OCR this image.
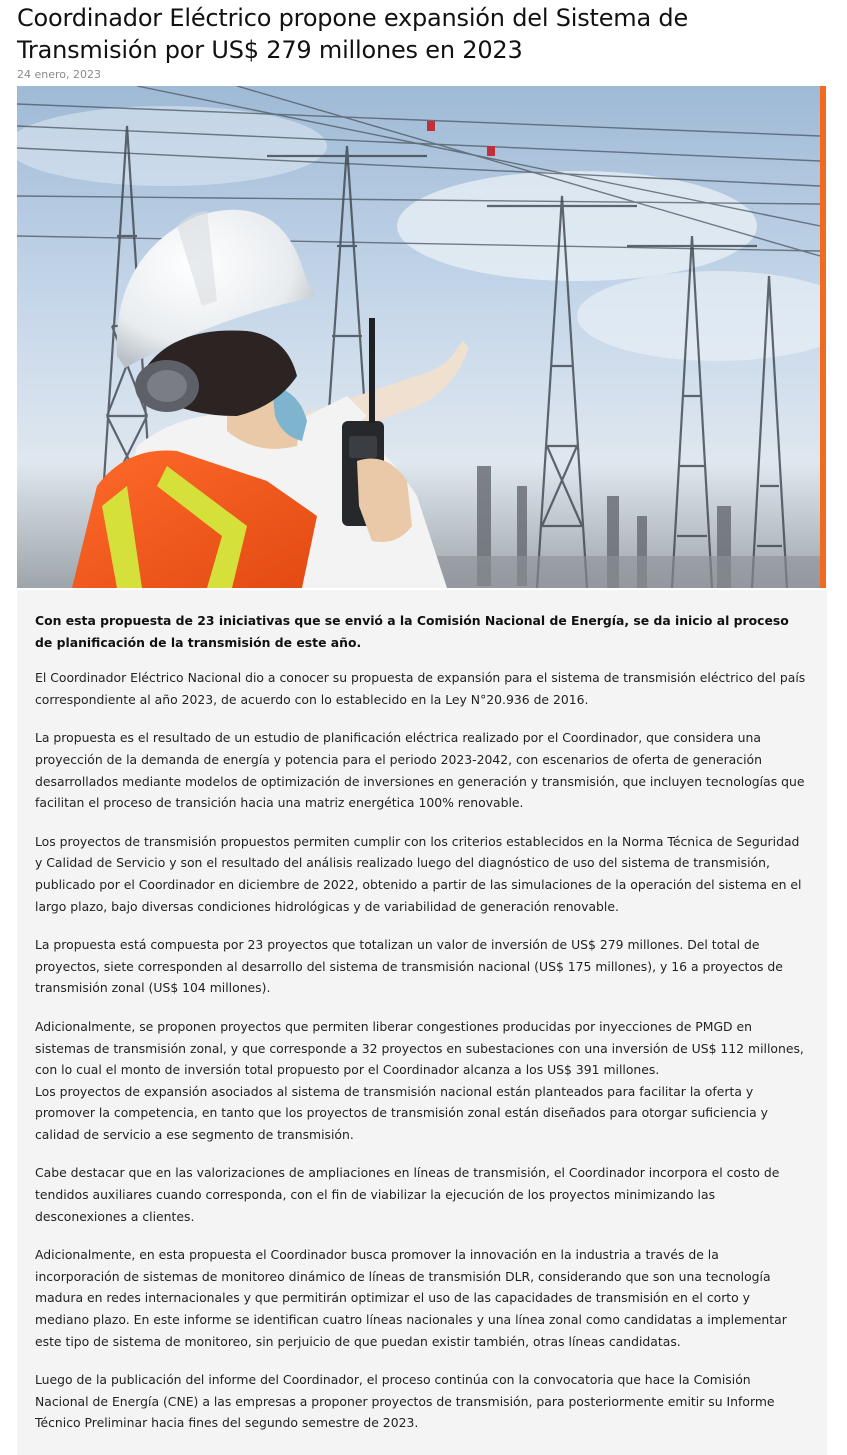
Coordinador Eléctrico propone expansión del Sistema de Transmisión por US$ 279 millones en 2023
24 enero, 2023

Con esta propuesta de 23 iniciativas que se envió a la Comisión Nacional de Energía, se da inicio al proceso de planificación de la transmisión de este año.

El Coordinador Eléctrico Nacional dio a conocer su propuesta de expansión para el sistema de transmisión eléctrico del país correspondiente al año 2023, de acuerdo con lo establecido en la Ley N°20.936 de 2016.

La propuesta es el resultado de un estudio de planificación eléctrica realizado por el Coordinador, que considera una proyección de la demanda de energía y potencia para el periodo 2023-2042, con escenarios de oferta de generación desarrollados mediante modelos de optimización de inversiones en generación y transmisión, que incluyen tecnologías que facilitan el proceso de transición hacia una matriz energética 100% renovable.

Los proyectos de transmisión propuestos permiten cumplir con los criterios establecidos en la Norma Técnica de Seguridad y Calidad de Servicio y son el resultado del análisis realizado luego del diagnóstico de uso del sistema de transmisión, publicado por el Coordinador en diciembre de 2022, obtenido a partir de las simulaciones de la operación del sistema en el largo plazo, bajo diversas condiciones hidrológicas y de variabilidad de generación renovable.

La propuesta está compuesta por 23 proyectos que totalizan un valor de inversión de US$ 279 millones. Del total de proyectos, siete corresponden al desarrollo del sistema de transmisión nacional (US$ 175 millones), y 16 a proyectos de transmisión zonal (US$ 104 millones).

Adicionalmente, se proponen proyectos que permiten liberar congestiones producidas por inyecciones de PMGD en sistemas de transmisión zonal, y que corresponde a 32 proyectos en subestaciones con una inversión de US$ 112 millones, con lo cual el monto de inversión total propuesto por el Coordinador alcanza a los US$ 391 millones.

Los proyectos de expansión asociados al sistema de transmisión nacional están planteados para facilitar la oferta y promover la competencia, en tanto que los proyectos de transmisión zonal están diseñados para otorgar suficiencia y calidad de servicio a ese segmento de transmisión.

Cabe destacar que en las valorizaciones de ampliaciones en líneas de transmisión, el Coordinador incorpora el costo de tendidos auxiliares cuando corresponda, con el fin de viabilizar la ejecución de los proyectos minimizando las desconexiones a clientes.

Adicionalmente, en esta propuesta el Coordinador busca promover la innovación en la industria a través de la incorporación de sistemas de monitoreo dinámico de líneas de transmisión DLR, considerando que son una tecnología madura en redes internacionales y que permitirán optimizar el uso de las capacidades de transmisión en el corto y mediano plazo. En este informe se identifican cuatro líneas nacionales y una línea zonal como candidatas a implementar este tipo de sistema de monitoreo, sin perjuicio de que puedan existir también, otras líneas candidatas.

Luego de la publicación del informe del Coordinador, el proceso continúa con la convocatoria que hace la Comisión Nacional de Energía (CNE) a las empresas a proponer proyectos de transmisión, para posteriormente emitir su Informe Técnico Preliminar hacia fines del segundo semestre de 2023.
